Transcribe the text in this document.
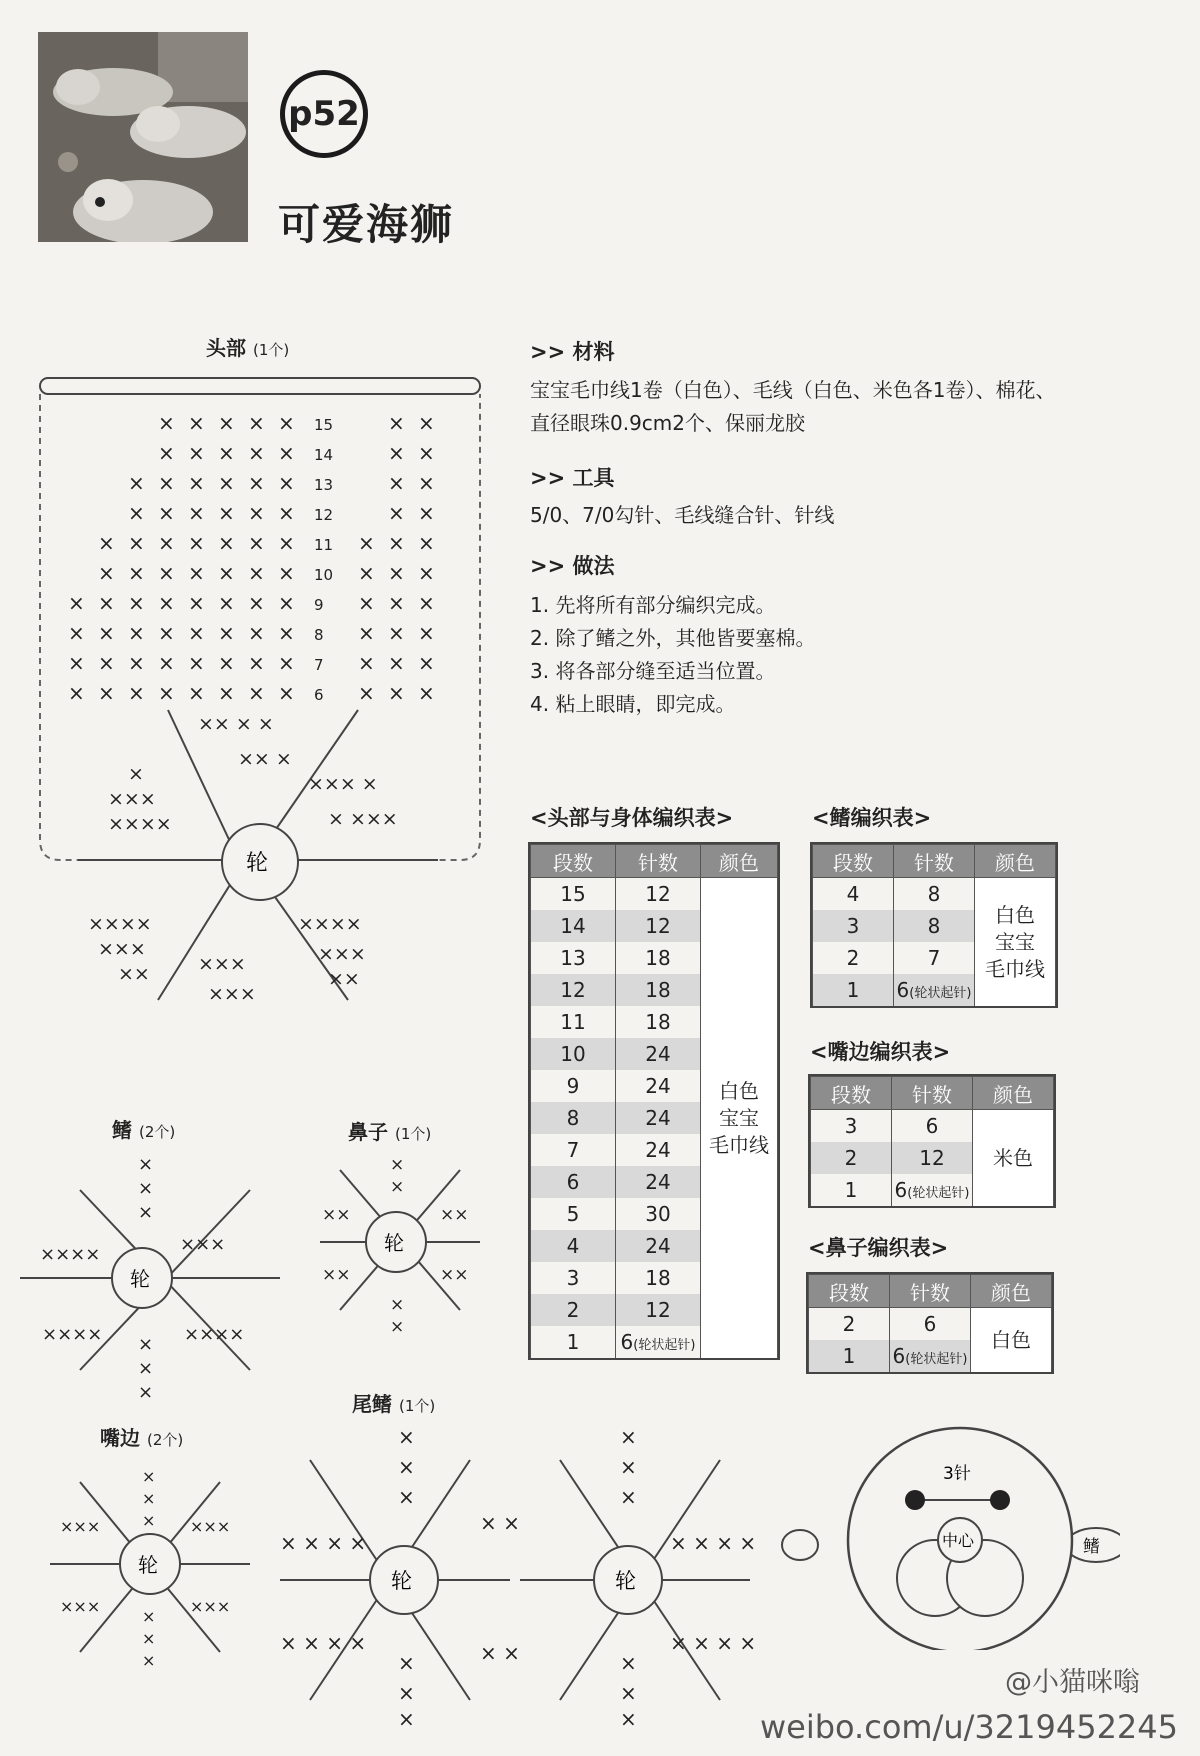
p52
可爱海狮
头部 (1个)
× × × × ×	× ×
× × × × ×	× ×
× × × × × ×	× ×
× × × × × ×	× ×
× × × × × × ×	× × ×
× × × × × × ×	× × ×
× × × × × × × ×	× × ×
× × × × × × × ×	× × ×
× × × × × × × ×	× × ×
× × × × × × × ×	× × ×
15
14
13
12
11
10
9
8
7
6
轮
×× × ×
×× ×
×
×××
××××
××× ×
× ×××
××××
×××
××
××××
×××
××
×××
×××
>> 材料
宝宝毛巾线1卷（白色）、毛线（白色、米色各1卷）、棉花、
直径眼珠0.9cm2个、保丽龙胶
>> 工具
5/0、7/0勾针、毛线缝合针、针线
>> 做法
1. 先将所有部分编织完成。
2. 除了鳍之外，其他皆要塞棉。
3. 将各部分缝至适当位置。
4. 粘上眼睛，即完成。
<头部与身体编织表>
段数	针数	颜色
15	12	白色
宝宝
毛巾线

14	12	
13	18	
12	18	
11	18	
10	24	
9	24	
8	24	
7	24	
6	24	
5	30	
4	24	
3	18	
2	12	
1	6(轮状起针)	
<鳍编织表>
段数	针数	颜色
4	8	白色
宝宝
毛巾线

3	8	
2	7	
1	6(轮状起针)	
<嘴边编织表>
段数	针数	颜色
3	6	米色

2	12	
1	6(轮状起针)	
<鼻子编织表>
段数	针数	颜色
2	6	白色

1	6(轮状起针)	
鳍 (2个)
轮
×
×
×
××××
××××	××××
×××
×
×
×
鼻子 (1个)
轮
×
×
××	××
××	××
×
×
嘴边 (2个)
轮
×
×
×
×××	×××
×××	×××
×
×
×
尾鳍 (1个)
轮	轮
×
×
×
×
×
×
× × × ×	× × × ×
× × × ×	× × × ×
×
×
×
×
×
×
× ×
× ×
3针
中心	鳍
@小猫咪嗡
weibo.com/u/3219452245
